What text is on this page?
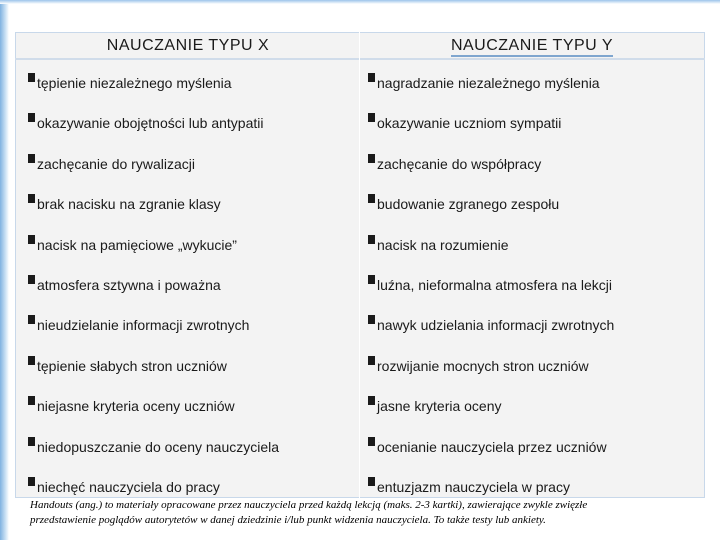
NAUCZANIE TYPU X	NAUCZANIE TYPU Y
tępienie niezależnego myślenia	nagradzanie niezależnego myślenia
okazywanie obojętności lub antypatii	okazywanie uczniom sympatii
zachęcanie do rywalizacji	zachęcanie do współpracy
brak nacisku na zgranie klasy	budowanie zgranego zespołu
nacisk na pamięciowe „wykucie”	nacisk na rozumienie
atmosfera sztywna i poważna	luźna, nieformalna atmosfera na lekcji
nieudzielanie informacji zwrotnych	nawyk udzielania informacji zwrotnych
tępienie słabych stron uczniów	rozwijanie mocnych stron uczniów
niejasne kryteria oceny uczniów	jasne kryteria oceny
niedopuszczanie do oceny nauczyciela	ocenianie nauczyciela przez uczniów
niechęć nauczyciela do pracy	entuzjazm nauczyciela w pracy
Handouts (ang.) to materiały opracowane przez nauczyciela przed każdą lekcją (maks. 2-3 kartki), zawierające zwykle zwięzłe
przedstawienie poglądów autorytetów w danej dziedzinie i/lub punkt widzenia nauczyciela. To także testy lub ankiety.
